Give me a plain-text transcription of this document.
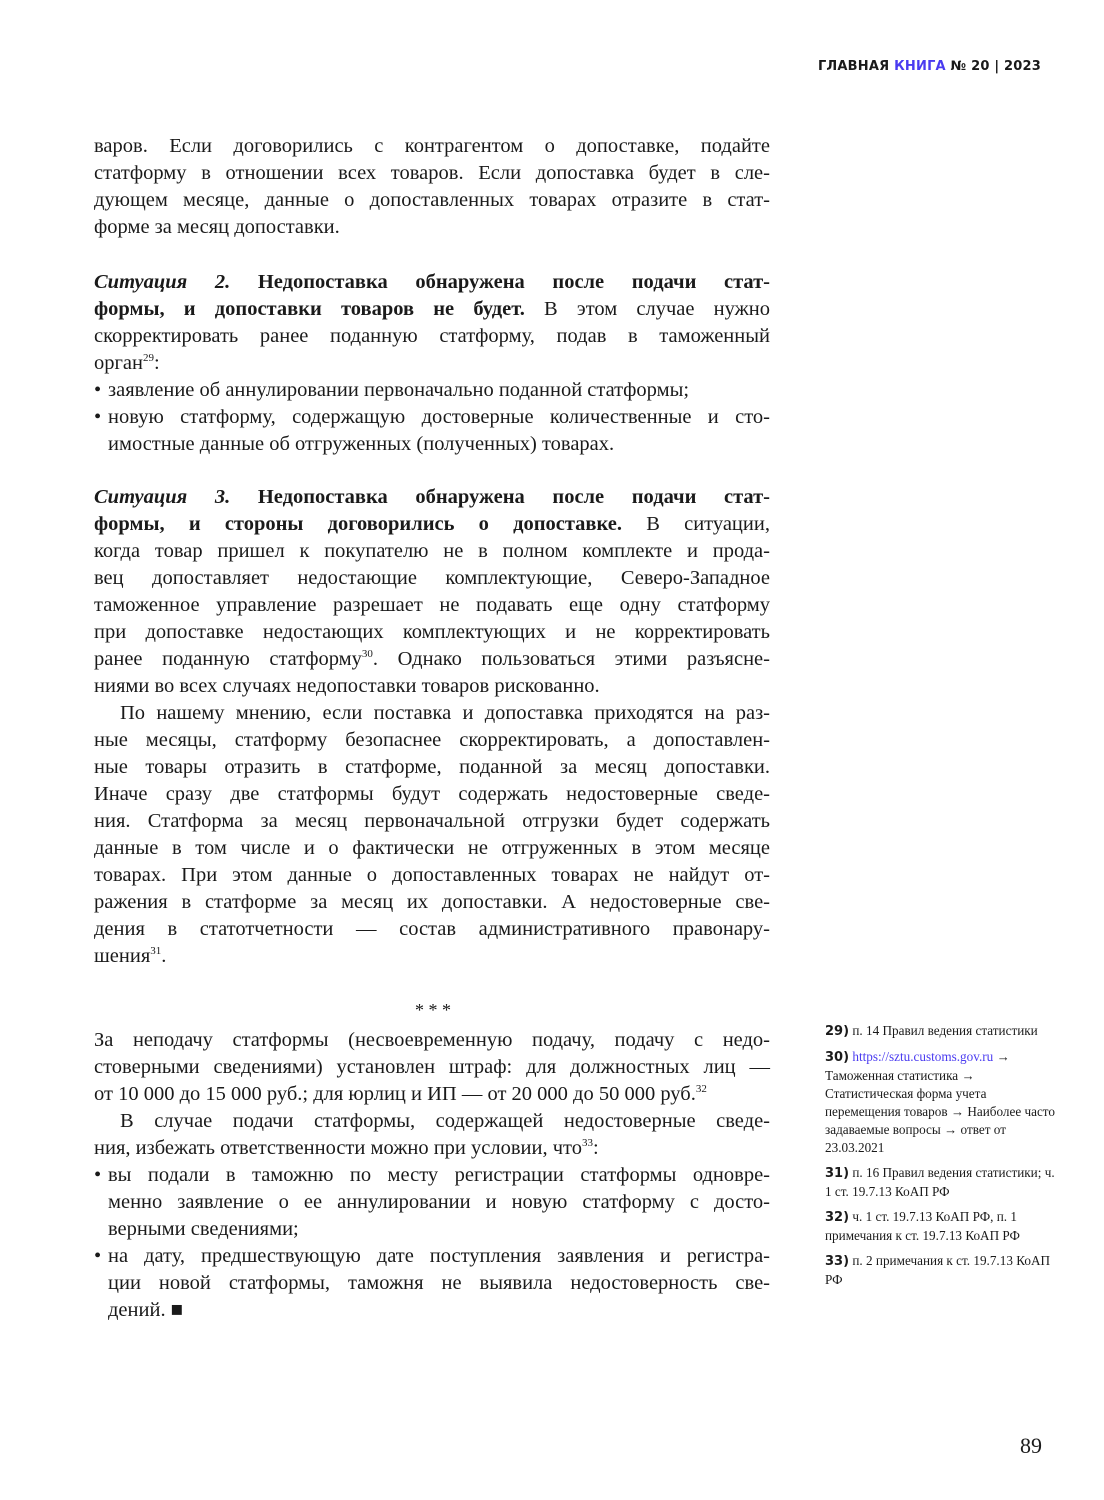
ГЛАВНАЯ КНИГА № 20 | 2023
варов. Если договорились с контрагентом о допоставке, подайте
статформу в отношении всех товаров. Если допоставка будет в сле-
дующем месяце, данные о допоставленных товарах отразите в стат-
форме за месяц допоставки.
Ситуация 2. Недопоставка обнаружена после подачи стат-
формы, и допоставки товаров не будет. В этом случае нужно
скорректировать ранее поданную статформу, подав в таможенный
орган$^{29}$:
• заявление об аннулировании первоначально поданной статформы;
• новую статформу, содержащую достоверные количественные и сто-
имостные данные об отгруженных (полученных) товарах.
Ситуация 3. Недопоставка обнаружена после подачи стат-
формы, и стороны договорились о допоставке. В ситуации,
когда товар пришел к покупателю не в полном комплекте и прода-
вец допоставляет недостающие комплектующие, Северо-Западное
таможенное управление разрешает не подавать еще одну статформу
при допоставке недостающих комплектующих и не корректировать
ранее поданную статформу$^{30}$. Однако пользоваться этими разъясне-
ниями во всех случаях недопоставки товаров рискованно.
По нашему мнению, если поставка и допоставка приходятся на раз-
ные месяцы, статформу безопаснее скорректировать, а допоставлен-
ные товары отразить в статформе, поданной за месяц допоставки.
Иначе сразу две статформы будут содержать недостоверные сведе-
ния. Статформа за месяц первоначальной отгрузки будет содержать
данные в том числе и о фактически не отгруженных в этом месяце
товарах. При этом данные о допоставленных товарах не найдут от-
ражения в статформе за месяц их допоставки. А недостоверные све-
дения в статотчетности — состав административного правонару-
шения$^{31}$.
* * *
За неподачу статформы (несвоевременную подачу, подачу с недо-
стоверными сведениями) установлен штраф: для должностных лиц —
от 10 000 до 15 000 руб.; для юрлиц и ИП — от 20 000 до 50 000 руб.$^{32}$
В случае подачи статформы, содержащей недостоверные сведе-
ния, избежать ответственности можно при условии, что$^{33}$:
• вы подали в таможню по месту регистрации статформы одновре-
менно заявление о ее аннулировании и новую статформу с досто-
верными сведениями;
• на дату, предшествующую дате поступления заявления и регистра-
ции новой статформы, таможня не выявила недостоверность све-
дений. ■
29) п. 14 Правил ведения статистики
30) https://sztu.customs.gov.ru → Таможенная статистика → Статистическая форма учета перемещения товаров → Наиболее часто задаваемые вопросы → ответ от 23.03.2021
31) п. 16 Правил ведения статистики; ч. 1 ст. 19.7.13 КоАП РФ
32) ч. 1 ст. 19.7.13 КоАП РФ, п. 1 примечания к ст. 19.7.13 КоАП РФ
33) п. 2 примечания к ст. 19.7.13 КоАП РФ
89
